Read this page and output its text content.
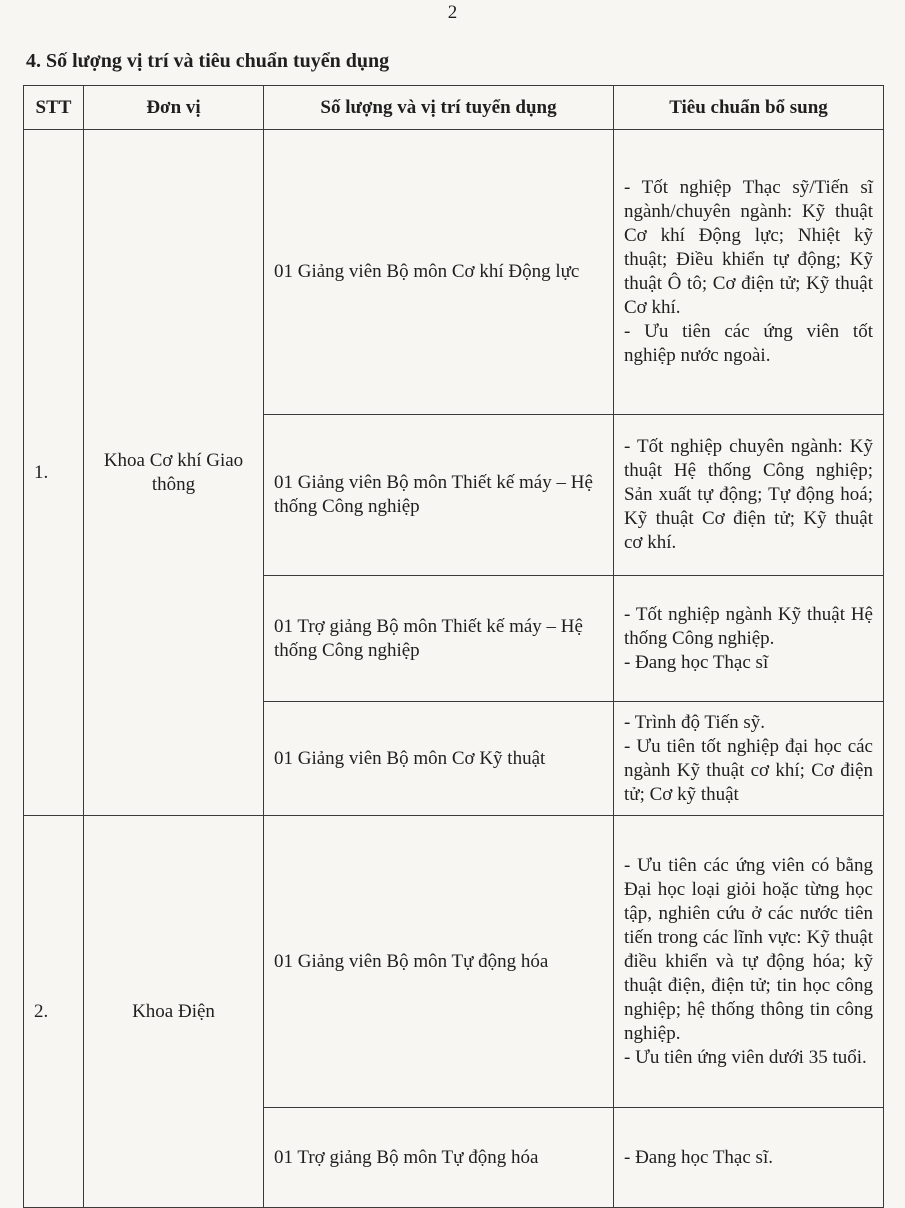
2
4. Số lượng vị trí và tiêu chuẩn tuyển dụng
STT	Đơn vị	Số lượng và vị trí tuyển dụng	Tiêu chuẩn bổ sung
1.	Khoa Cơ khí Giao thông	01 Giảng viên Bộ môn Cơ khí Động lực	- Tốt nghiệp Thạc sỹ/Tiến sĩ ngành/chuyên ngành: Kỹ thuật Cơ khí Động lực; Nhiệt kỹ thuật; Điều khiển tự động; Kỹ thuật Ô tô; Cơ điện tử; Kỹ thuật Cơ khí.
- Ưu tiên các ứng viên tốt nghiệp nước ngoài.

		01 Giảng viên Bộ môn Thiết kế máy – Hệ thống Công nghiệp	- Tốt nghiệp chuyên ngành: Kỹ thuật Hệ thống Công nghiệp; Sản xuất tự động; Tự động hoá; Kỹ thuật Cơ điện tử; Kỹ thuật cơ khí.

		01 Trợ giảng Bộ môn Thiết kế máy – Hệ thống Công nghiệp	- Tốt nghiệp ngành Kỹ thuật Hệ thống Công nghiệp.
- Đang học Thạc sĩ

		01 Giảng viên Bộ môn Cơ Kỹ thuật	- Trình độ Tiến sỹ.
- Ưu tiên tốt nghiệp đại học các ngành Kỹ thuật cơ khí; Cơ điện tử; Cơ kỹ thuật

2.	Khoa Điện	01 Giảng viên Bộ môn Tự động hóa	- Ưu tiên các ứng viên có bằng Đại học loại giỏi hoặc từng học tập, nghiên cứu ở các nước tiên tiến trong các lĩnh vực: Kỹ thuật điều khiển và tự động hóa; kỹ thuật điện, điện tử; tin học công nghiệp; hệ thống thông tin công nghiệp.
- Ưu tiên ứng viên dưới 35 tuổi.

		01 Trợ giảng Bộ môn Tự động hóa	- Đang học Thạc sĩ.
